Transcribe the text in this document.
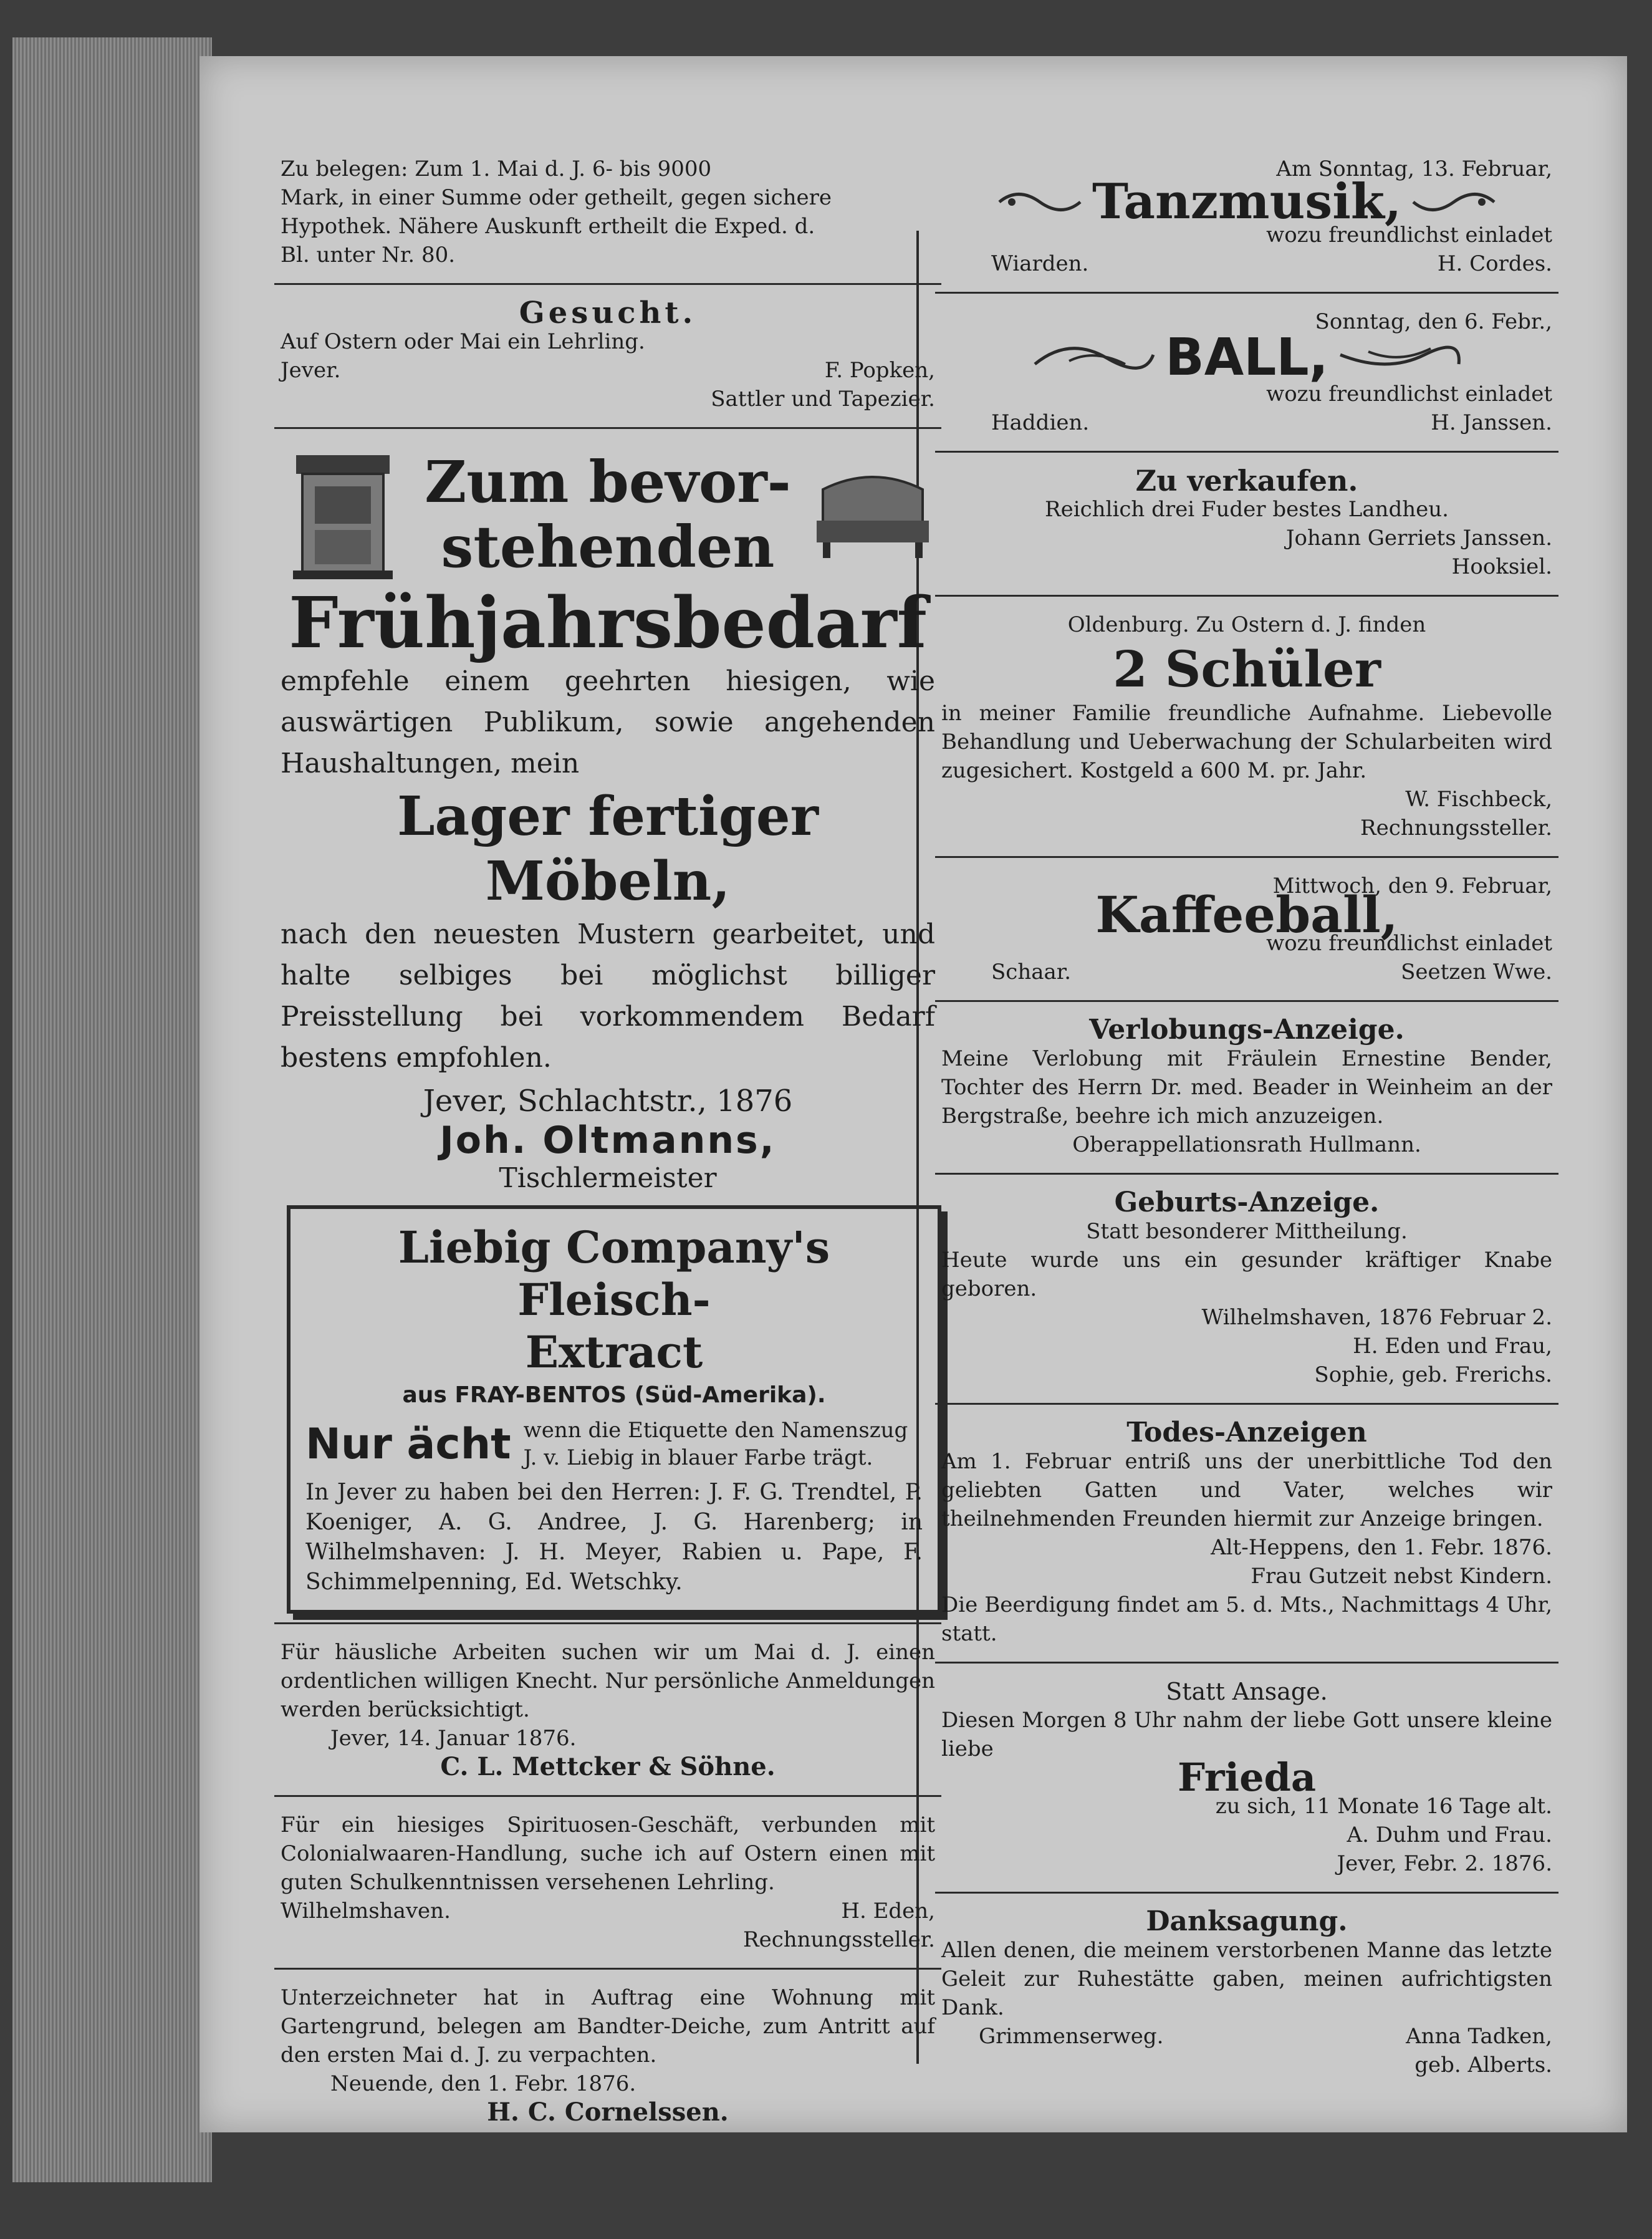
Zu belegen: Zum 1. Mai d. J. 6- bis 9000
Mark, in einer Summe oder getheilt, gegen sichere
Hypothek. Nähere Auskunft ertheilt die Exped. d.
Bl. unter Nr. 80.
Gesucht.
Auf Ostern oder Mai ein Lehrling.
Jever.	F. Popken,
Sattler und Tapezier.
Zum bevor-
stehenden
Frühjahrsbedarf
empfehle einem geehrten hiesigen, wie auswärtigen Publikum, sowie angehenden Haushaltungen, mein
Lager fertiger Möbeln,
nach den neuesten Mustern gearbeitet, und halte selbiges bei möglichst billiger Preisstellung bei vorkommendem Bedarf bestens empfohlen.
Jever, Schlachtstr., 1876
Joh. Oltmanns,
Tischlermeister
Liebig Company's Fleisch-
Extract
aus FRAY-BENTOS (Süd-Amerika).
Nur ächt wenn die Etiquette den Namenszug J. v. Liebig in blauer Farbe trägt.
In Jever zu haben bei den Herren: J. F. G. Trendtel, P. Koeniger, A. G. Andree, J. G. Harenberg; in Wilhelmshaven: J. H. Meyer, Rabien u. Pape, F. Schimmelpenning, Ed. Wetschky.
Für häusliche Arbeiten suchen wir um Mai d. J. einen ordentlichen willigen Knecht. Nur persönliche Anmeldungen werden berücksichtigt.
Jever, 14. Januar 1876.
C. L. Mettcker & Söhne.
Für ein hiesiges Spirituosen-Geschäft, verbunden mit Colonialwaaren-Handlung, suche ich auf Ostern einen mit guten Schulkenntnissen versehenen Lehrling.
Wilhelmshaven.	H. Eden,
Rechnungssteller.
Unterzeichneter hat in Auftrag eine Wohnung mit Gartengrund, belegen am Bandter-Deiche, zum Antritt auf den ersten Mai d. J. zu verpachten.
Neuende, den 1. Febr. 1876.
H. C. Cornelssen.
Am Sonntag, 13. Februar,
Tanzmusik,
wozu freundlichst einladet
Wiarden.	H. Cordes.
Sonntag, den 6. Febr.,
BALL,
wozu freundlichst einladet
Haddien.	H. Janssen.
Zu verkaufen.
Reichlich drei Fuder bestes Landheu.
Johann Gerriets Janssen.
Hooksiel.
Oldenburg. Zu Ostern d. J. finden
2 Schüler
in meiner Familie freundliche Aufnahme. Liebevolle Behandlung und Ueberwachung der Schularbeiten wird zugesichert. Kostgeld a 600 M. pr. Jahr.
W. Fischbeck,
Rechnungssteller.
Mittwoch, den 9. Februar,
Kaffeeball,
wozu freundlichst einladet
Schaar.	Seetzen Wwe.
Verlobungs-Anzeige.
Meine Verlobung mit Fräulein Ernestine Bender, Tochter des Herrn Dr. med. Beader in Weinheim an der Bergstraße, beehre ich mich anzuzeigen.
Oberappellationsrath Hullmann.
Geburts-Anzeige.
Statt besonderer Mittheilung.
Heute wurde uns ein gesunder kräftiger Knabe geboren.
Wilhelmshaven, 1876 Februar 2.
H. Eden und Frau,
Sophie, geb. Frerichs.
Todes-Anzeigen
Am 1. Februar entriß uns der unerbittliche Tod den geliebten Gatten und Vater, welches wir theilnehmenden Freunden hiermit zur Anzeige bringen.
Alt-Heppens, den 1. Febr. 1876.
Frau Gutzeit nebst Kindern.
Die Beerdigung findet am 5. d. Mts., Nachmittags 4 Uhr, statt.
Statt Ansage.
Diesen Morgen 8 Uhr nahm der liebe Gott unsere kleine liebe
Frieda
zu sich, 11 Monate 16 Tage alt.
A. Duhm und Frau.
Jever, Febr. 2. 1876.
Danksagung.
Allen denen, die meinem verstorbenen Manne das letzte Geleit zur Ruhestätte gaben, meinen aufrichtigsten Dank.
Grimmenserweg.	Anna Tadken,
geb. Alberts.
